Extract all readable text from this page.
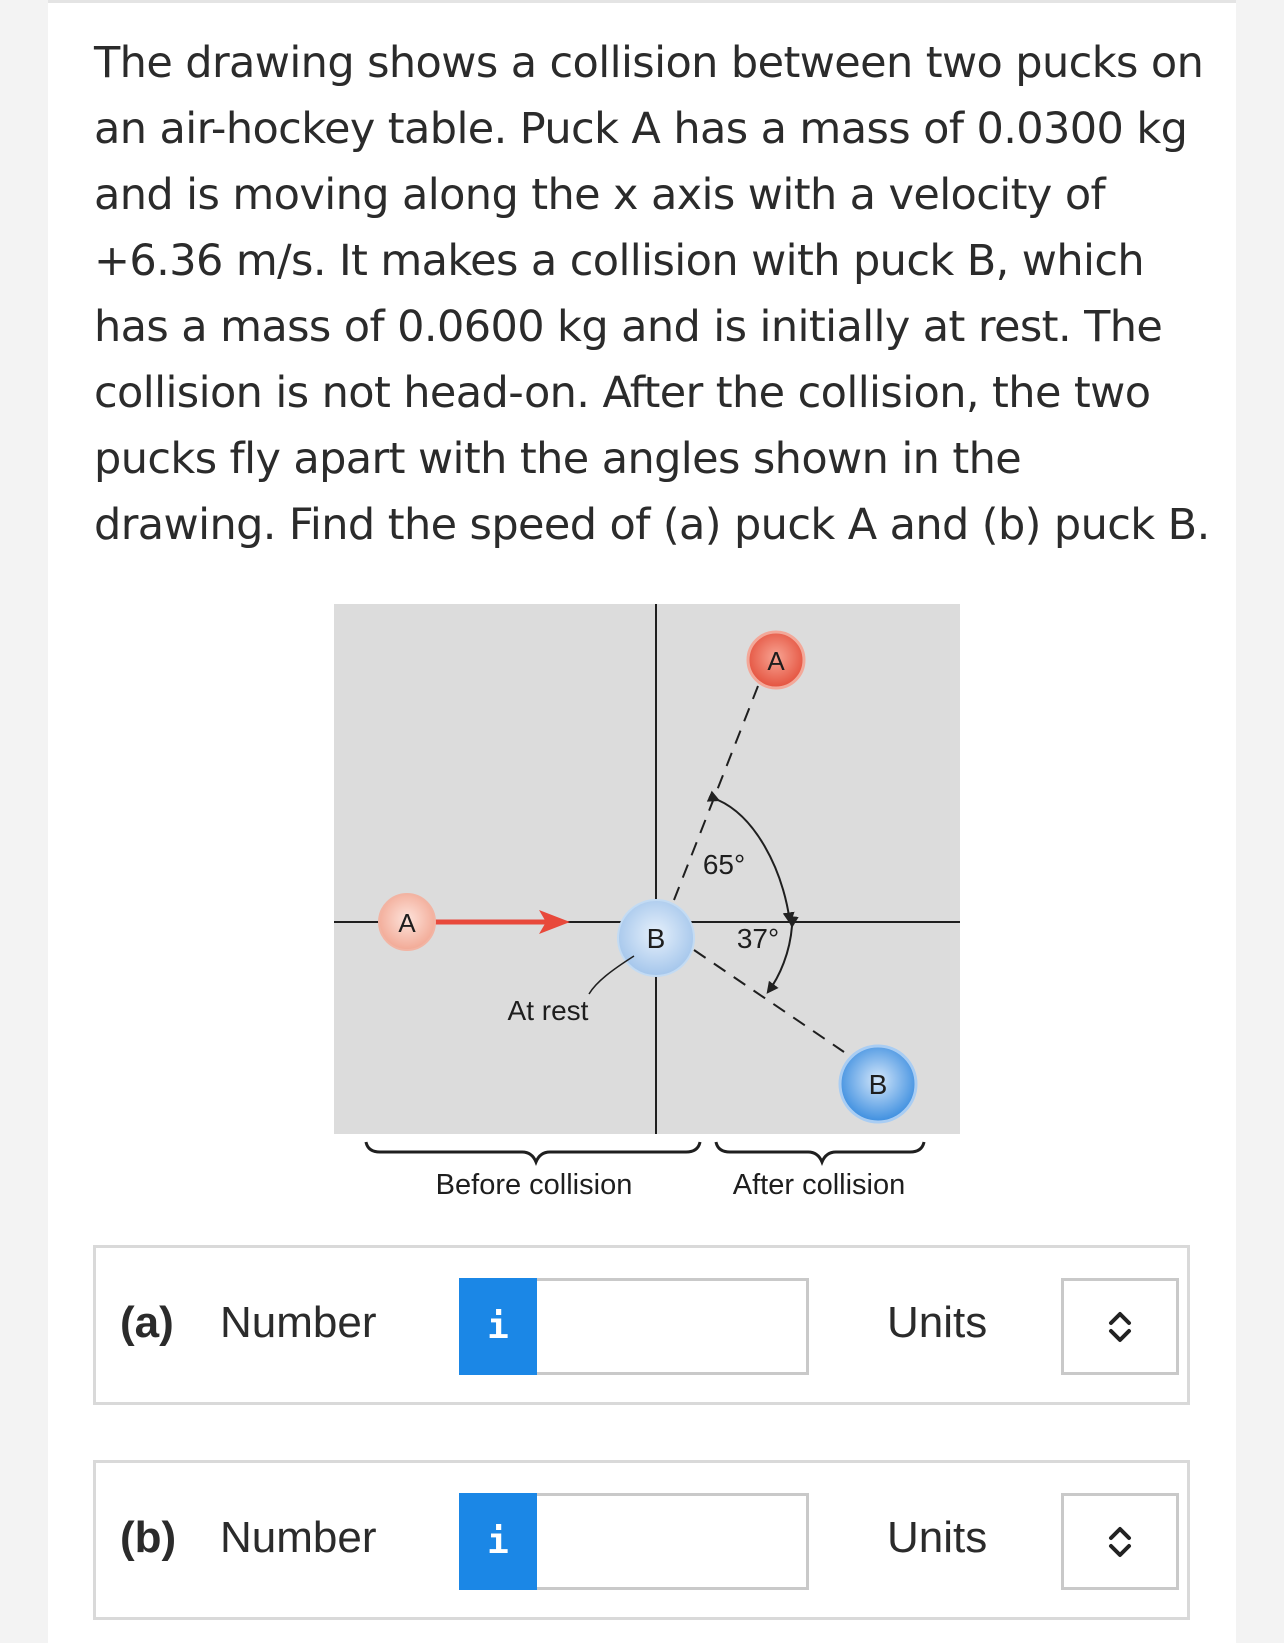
The drawing shows a collision between two pucks on an air-hockey table. Puck A has a mass of 0.0300 kg and is moving along the x axis with a velocity of +6.36 m/s. It makes a collision with puck B, which has a mass of 0.0600 kg and is initially at rest. The collision is not head-on. After the collision, the two pucks fly apart with the angles shown in the drawing. Find the speed of (a) puck A and (b) puck B.

A	B
At rest
65°
37°
A
B
Before collision	After collision
(a) Number	i	Units
(b) Number	i	Units
